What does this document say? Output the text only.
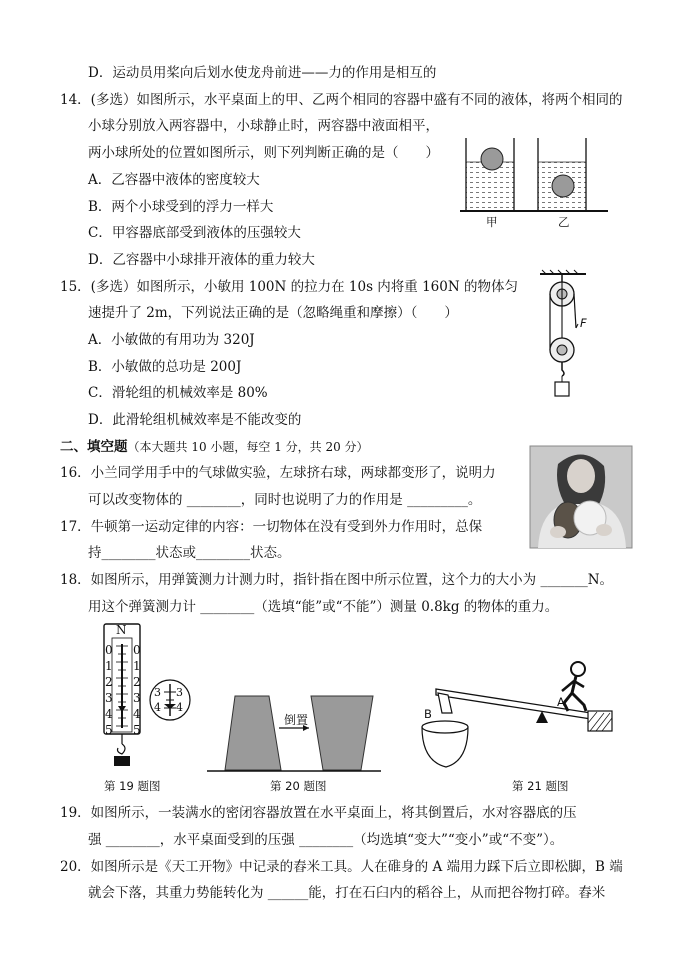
D．运动员用桨向后划水使龙舟前进——力的作用是相互的
14．(多选）如图所示，水平桌面上的甲、乙两个相同的容器中盛有不同的液体，将两个相同的
小球分别放入两容器中，小球静止时，两容器中液面相平，
两小球所处的位置如图所示，则下列判断正确的是（　　）
A．乙容器中液体的密度较大
B．两个小球受到的浮力一样大
C．甲容器底部受到液体的压强较大
D．乙容器中小球排开液体的重力较大
甲	乙
15．(多选）如图所示，小敏用 100N 的拉力在 10s 内将重 160N 的物体匀
速提升了 2m，下列说法正确的是（忽略绳重和摩擦）（　　）
A．小敏做的有用功为 320J
B．小敏做的总功是 200J
C．滑轮组的机械效率是 80%
D．此滑轮组机械效率是不能改变的
F
二、填空题（本大题共 10 小题，每空 1 分，共 20 分）
16．小兰同学用手中的气球做实验，左球挤右球，两球都变形了，说明力
可以改变物体的 ________，同时也说明了力的作用是 _________。
17．牛顿第一运动定律的内容：一切物体在没有受到外力作用时，总保
持________状态或________状态。
18．如图所示，用弹簧测力计测力时，指针指在图中所示位置，这个力的大小为 _______N。
用这个弹簧测力计 ________（选填“能”或“不能”）测量 0.8kg 的物体的重力。
N
0
1
2
3
4
5
0
1
2
3
4
5
3
4
3
4
第 19 题图
倒置
第 20 题图
B
A
第 21 题图
19．如图所示，一装满水的密闭容器放置在水平桌面上，将其倒置后，水对容器底的压
强 ________，水平桌面受到的压强 ________（均选填“变大”“变小”或“不变”）。
20．如图所示是《天工开物》中记录的舂米工具。人在碓身的 A 端用力踩下后立即松脚，B 端
就会下落，其重力势能转化为 ______能，打在石臼内的稻谷上，从而把谷物打碎。舂米
